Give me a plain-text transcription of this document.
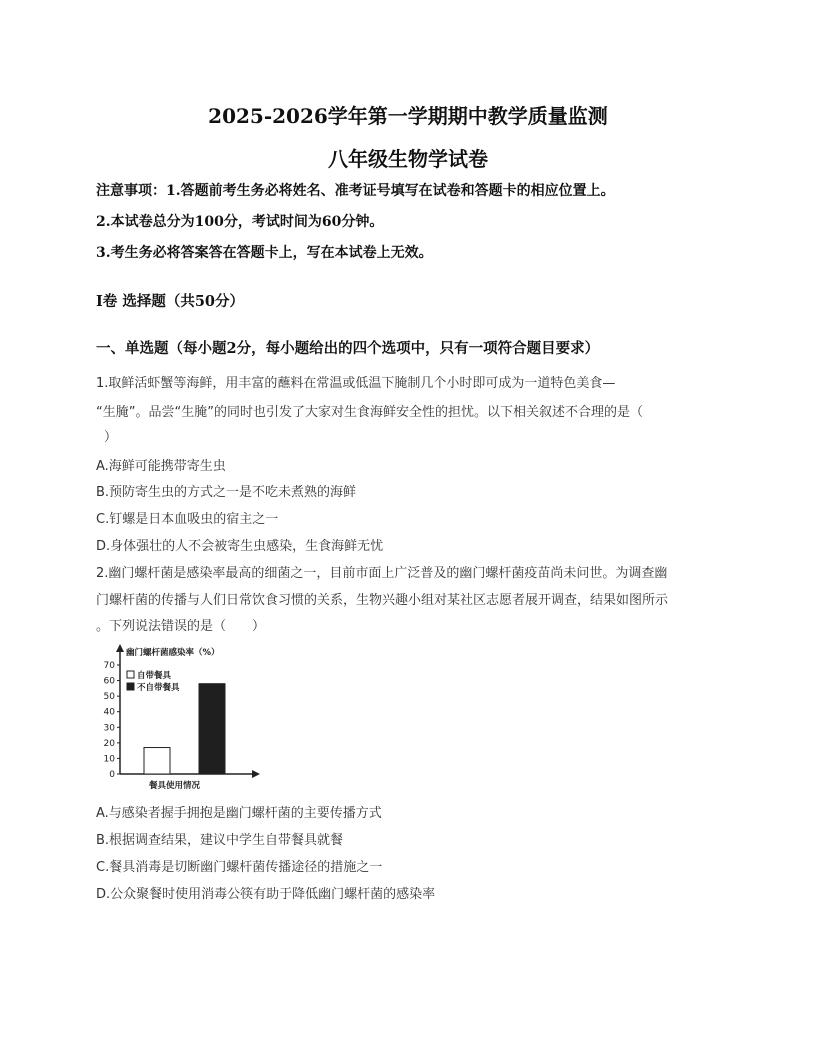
2025-2026学年第一学期期中教学质量监测
八年级生物学试卷
注意事项：1.答题前考生务必将姓名、准考证号填写在试卷和答题卡的相应位置上。
2.本试卷总分为100分，考试时间为60分钟。
3.考生务必将答案答在答题卡上，写在本试卷上无效。
Ⅰ卷 选择题（共50分）
一、单选题（每小题2分，每小题给出的四个选项中，只有一项符合题目要求）
1.取鲜活虾蟹等海鲜，用丰富的蘸料在常温或低温下腌制几个小时即可成为一道特色美食—
“生腌”。品尝“生腌”的同时也引发了大家对生食海鲜安全性的担忧。以下相关叙述不合理的是（
）
A.海鲜可能携带寄生虫
B.预防寄生虫的方式之一是不吃未煮熟的海鲜
C.钉螺是日本血吸虫的宿主之一
D.身体强壮的人不会被寄生虫感染，生食海鲜无忧
2.幽门螺杆菌是感染率最高的细菌之一，目前市面上广泛普及的幽门螺杆菌疫苗尚未问世。为调查幽
门螺杆菌的传播与人们日常饮食习惯的关系，生物兴趣小组对某社区志愿者展开调查，结果如图所示
。下列说法错误的是（　　）
幽门螺杆菌感染率（%）
0
10
20
30
40
50
60
70
自带餐具
不自带餐具
餐具使用情况
A.与感染者握手拥抱是幽门螺杆菌的主要传播方式
B.根据调查结果，建议中学生自带餐具就餐
C.餐具消毒是切断幽门螺杆菌传播途径的措施之一
D.公众聚餐时使用消毒公筷有助于降低幽门螺杆菌的感染率
